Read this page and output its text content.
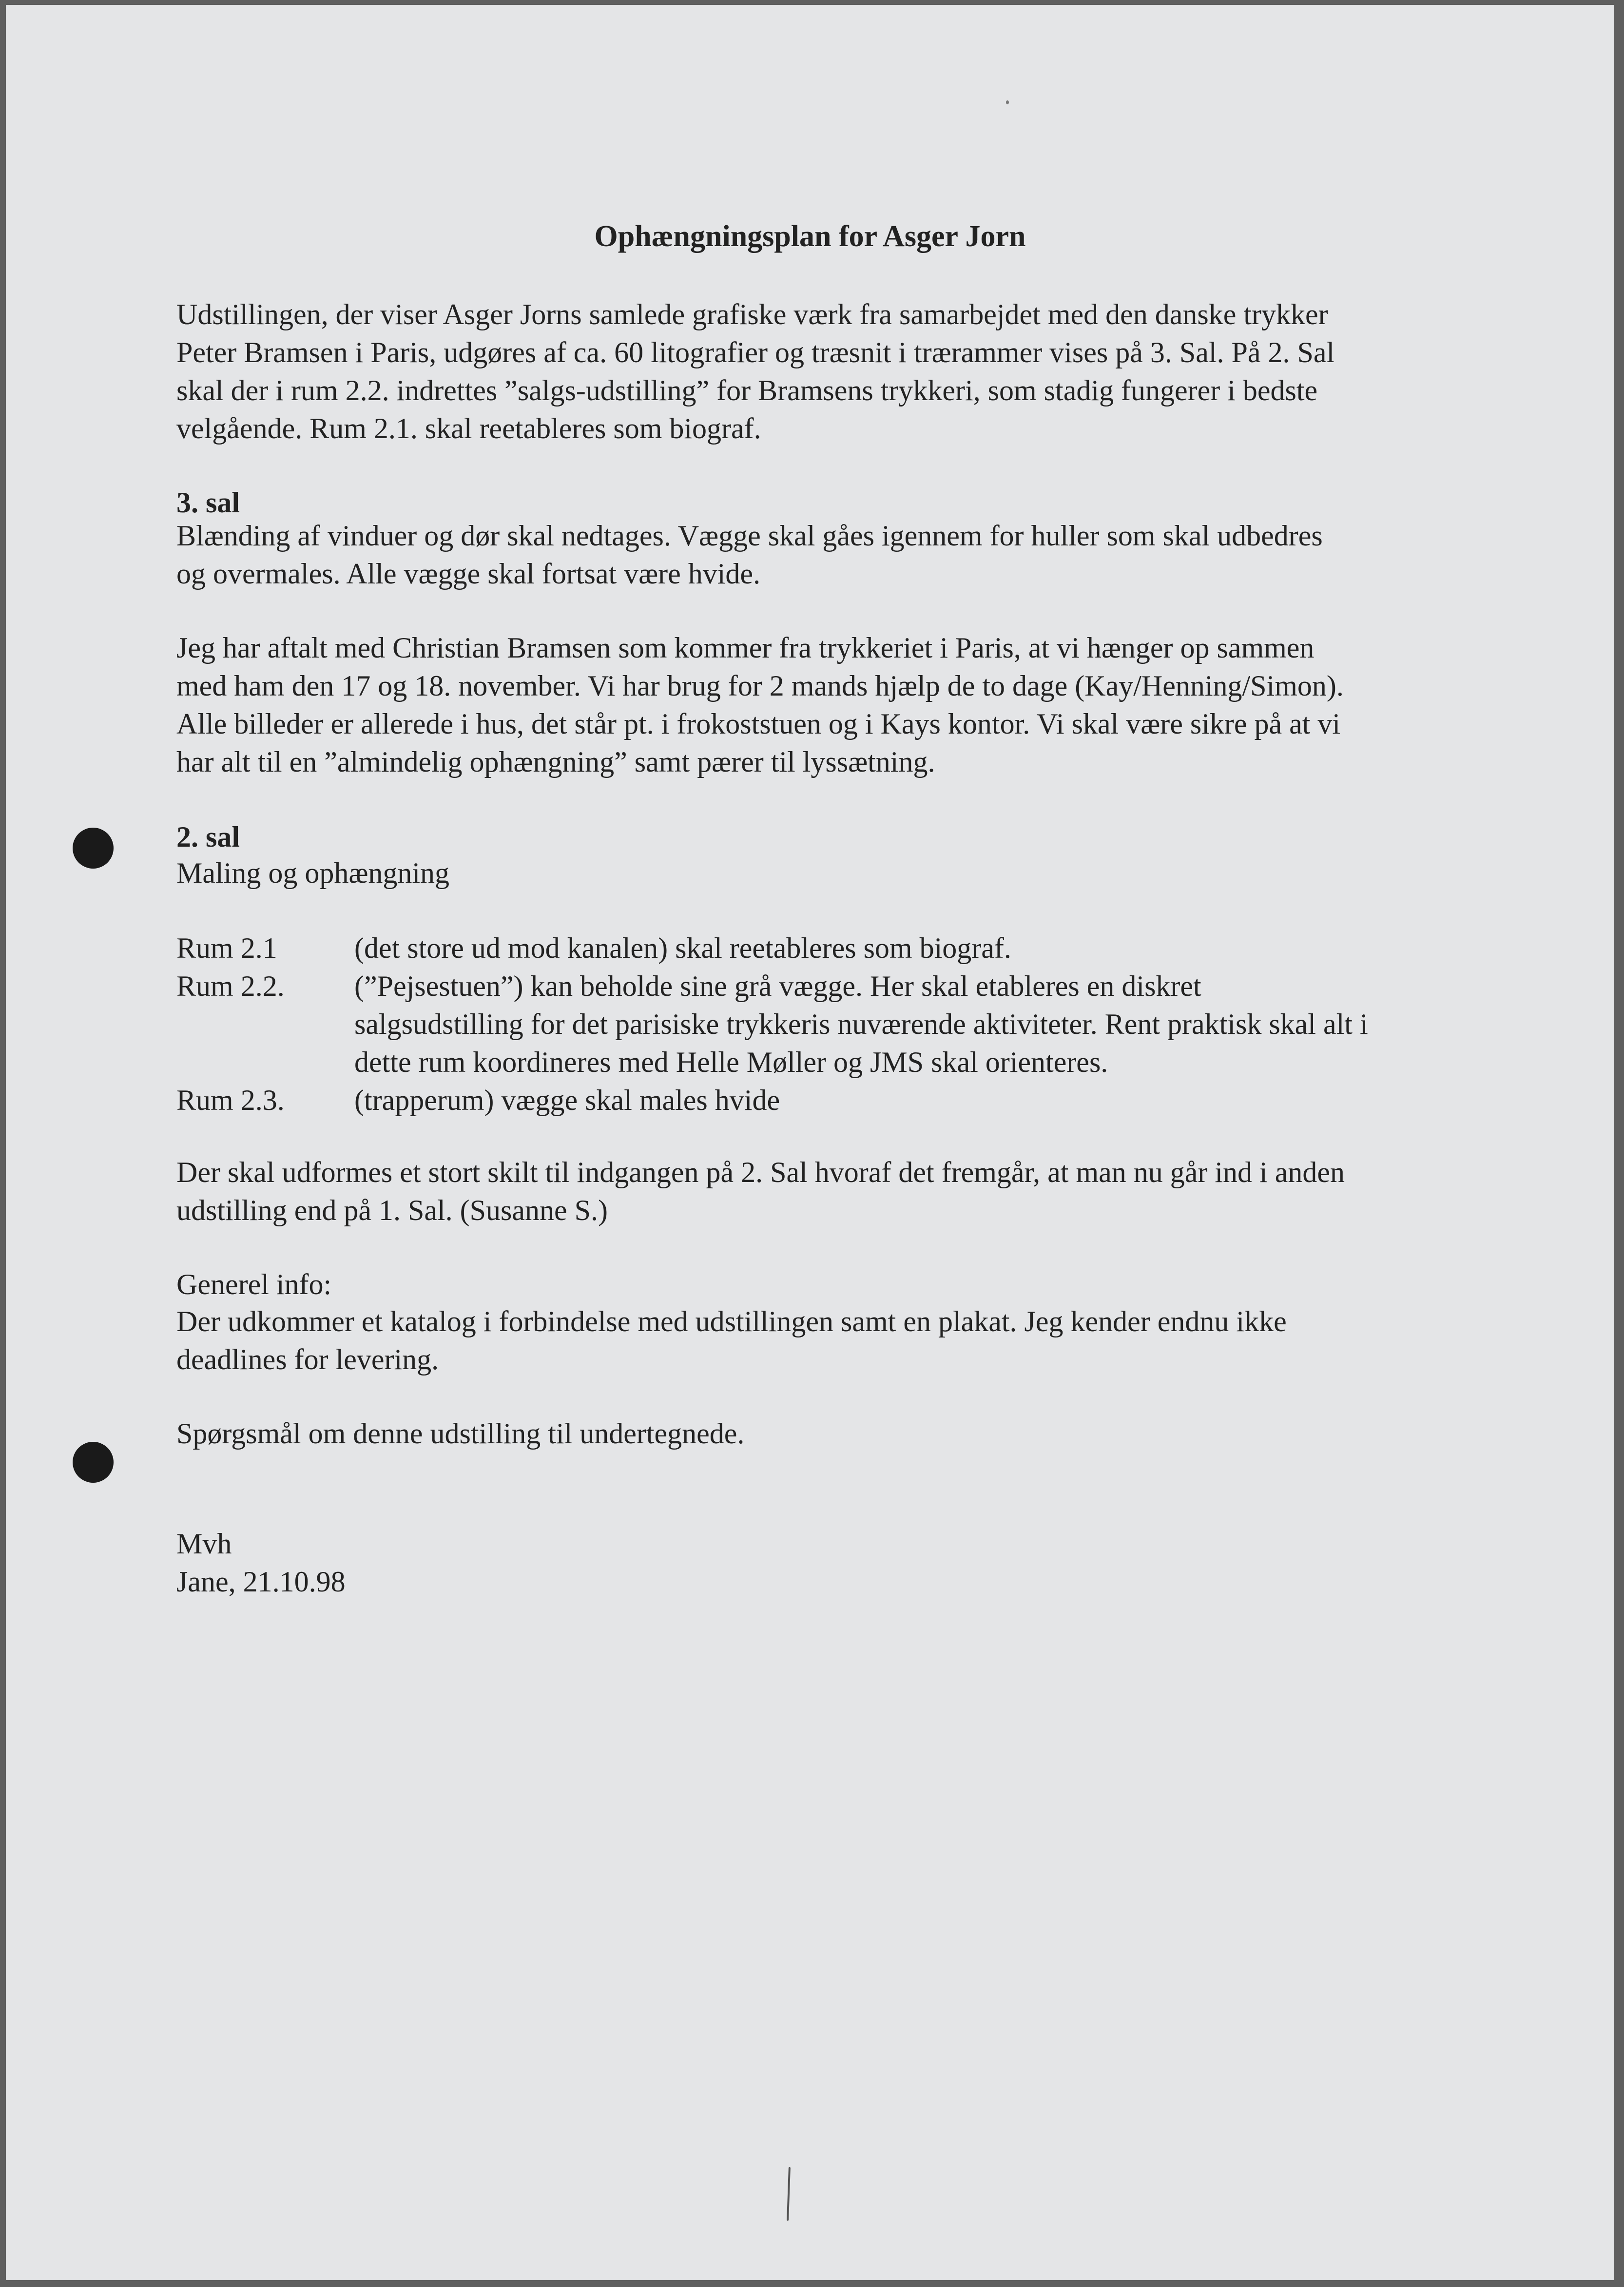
Ophængningsplan for Asger Jorn
Udstillingen, der viser Asger Jorns samlede grafiske værk fra samarbejdet med den danske trykker
Peter Bramsen i Paris, udgøres af ca. 60 litografier og træsnit i trærammer vises på 3. Sal. På 2. Sal
skal der i rum 2.2. indrettes ”salgs-udstilling” for Bramsens trykkeri, som stadig fungerer i bedste
velgående. Rum 2.1. skal reetableres som biograf.
3. sal
Blænding af vinduer og dør skal nedtages. Vægge skal gåes igennem for huller som skal udbedres
og overmales. Alle vægge skal fortsat være hvide.
Jeg har aftalt med Christian Bramsen som kommer fra trykkeriet i Paris, at vi hænger op sammen
med ham den 17 og 18. november. Vi har brug for 2 mands hjælp de to dage (Kay/Henning/Simon).
Alle billeder er allerede i hus, det står pt. i frokoststuen og i Kays kontor. Vi skal være sikre på at vi
har alt til en ”almindelig ophængning” samt pærer til lyssætning.
2. sal
Maling og ophængning
Rum 2.1	(det store ud mod kanalen) skal reetableres som biograf.
Rum 2.2. (”Pejsestuen”) kan beholde sine grå vægge. Her skal etableres en diskret
salgsudstilling for det parisiske trykkeris nuværende aktiviteter. Rent praktisk skal alt i
dette rum koordineres med Helle Møller og JMS skal orienteres.
Rum 2.3. (trapperum) vægge skal males hvide
Der skal udformes et stort skilt til indgangen på 2. Sal hvoraf det fremgår, at man nu går ind i anden
udstilling end på 1. Sal. (Susanne S.)
Generel info:
Der udkommer et katalog i forbindelse med udstillingen samt en plakat. Jeg kender endnu ikke
deadlines for levering.
Spørgsmål om denne udstilling til undertegnede.
Mvh
Jane, 21.10.98
